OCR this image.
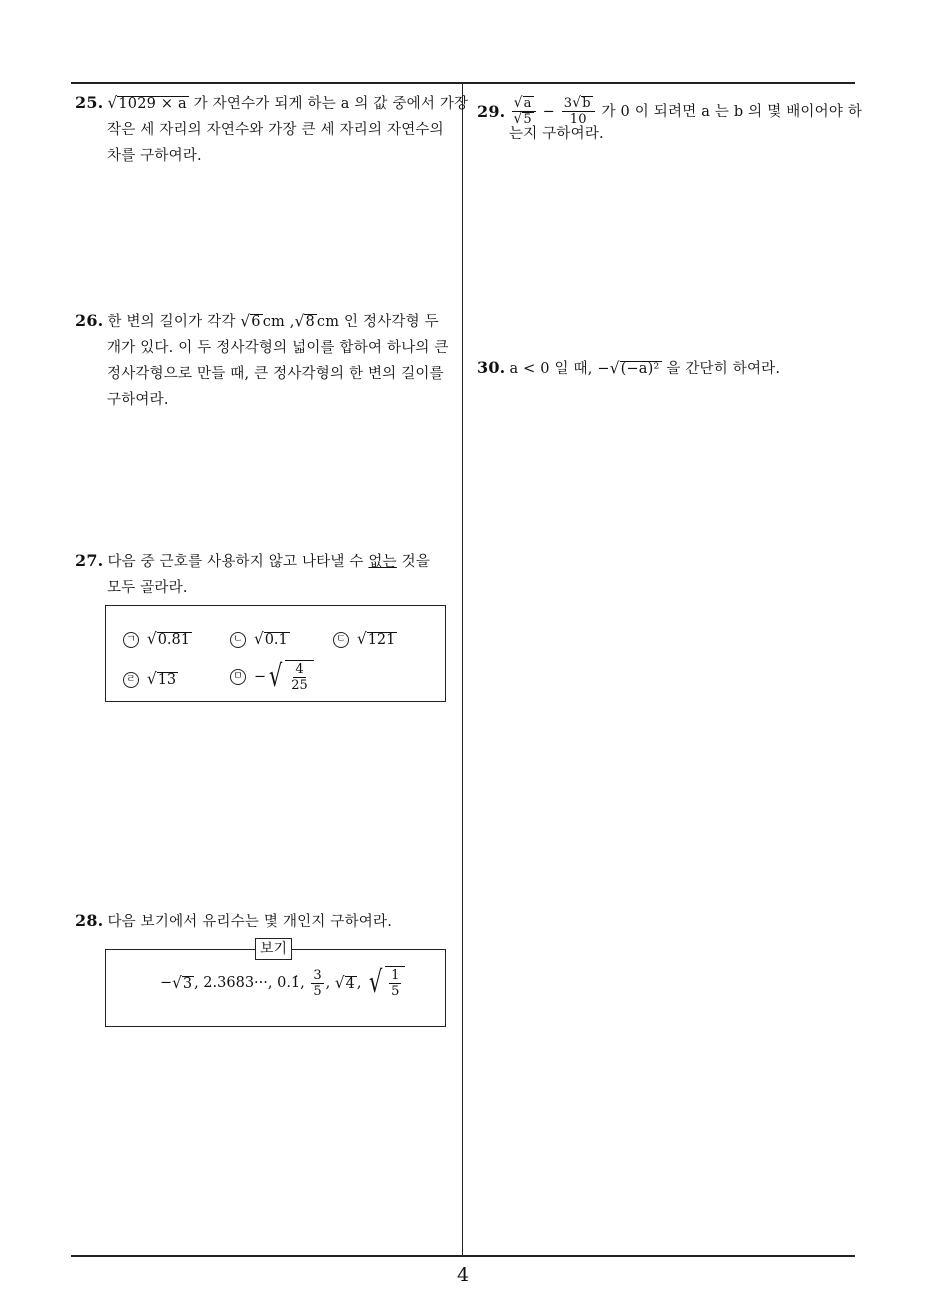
25. √1029 × a 가 자연수가 되게 하는 a 의 값 중에서 가장
작은 세 자리의 자연수와 가장 큰 세 자리의 자연수의
차를 구하여라.
26. 한 변의 길이가 각각 √6 cm ,√8 cm 인 정사각형 두
개가 있다. 이 두 정사각형의 넓이를 합하여 하나의 큰
정사각형으로 만들 때, 큰 정사각형의 한 변의 길이를
구하여라.
27. 다음 중 근호를 사용하지 않고 나타낼 수 없는 것을
모두 골라라.
ㄱ √0.81	ㄴ √0.1	ㄷ √121
ㄹ √13	ㅁ − √ $\frac{4}{25}$
28. 다음 보기에서 유리수는 몇 개인지 구하여라.
보기
− √3 , 2.3683···, 0.1̇, $\frac{3}{5}$ , √4 , √ $\frac{1}{5}$
29. $\frac{√a}{√5} - \frac{3√b}{10}$ 가 0 이 되려면 a 는 b 의 몇 배이어야 하
는지 구하여라.
30. a < 0 일 때, −√(−a)² 을 간단히 하여라.
4
